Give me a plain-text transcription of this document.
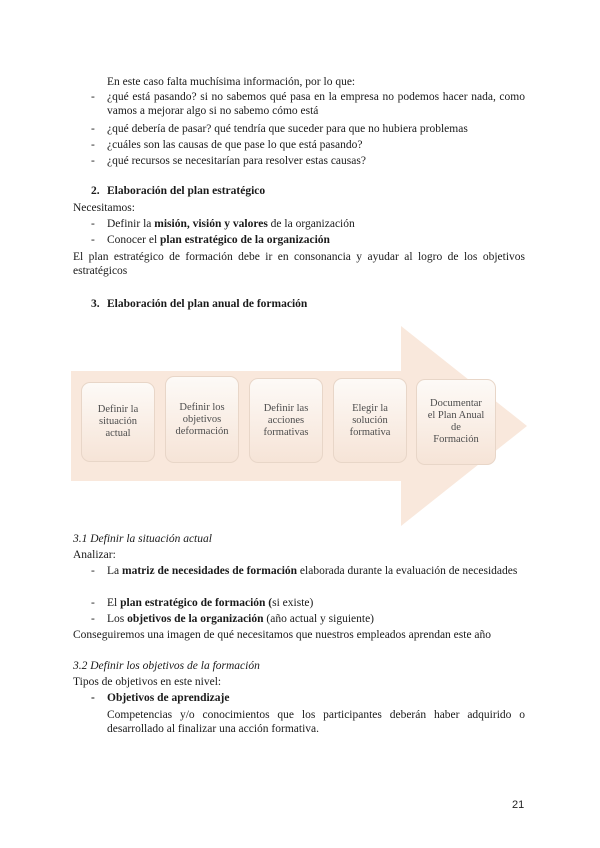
En este caso falta muchísima información, por lo que:
- ¿qué está pasando? si no sabemos qué pasa en la empresa no podemos hacer nada, como vamos a mejorar algo si no sabemo cómo está
- ¿qué debería de pasar? qué tendría que suceder para que no hubiera problemas
- ¿cuáles son las causas de que pase lo que está pasando?
- ¿qué recursos se necesitarían para resolver estas causas?
2. Elaboración del plan estratégico
Necesitamos:
- Definir la misión, visión y valores de la organización
- Conocer el plan estratégico de la organización
El plan estratégico de formación debe ir en consonancia y ayudar al logro de los objetivos estratégicos
3. Elaboración del plan anual de formación
Definir la
situación
actual
Definir los
objetivos
deformación
Definir las
acciones
formativas
Elegir la
solución
formativa
Documentar
el Plan Anual
de
Formación
3.1 Definir la situación actual
Analizar:
- La matriz de necesidades de formación elaborada durante la evaluación de necesidades
- El plan estratégico de formación (si existe)
- Los objetivos de la organización (año actual y siguiente)
Conseguiremos una imagen de qué necesitamos que nuestros empleados aprendan este año
3.2 Definir los objetivos de la formación
Tipos de objetivos en este nivel:
- Objetivos de aprendizaje
Competencias y/o conocimientos que los participantes deberán haber adquirido o desarrollado al finalizar una acción formativa.
21
